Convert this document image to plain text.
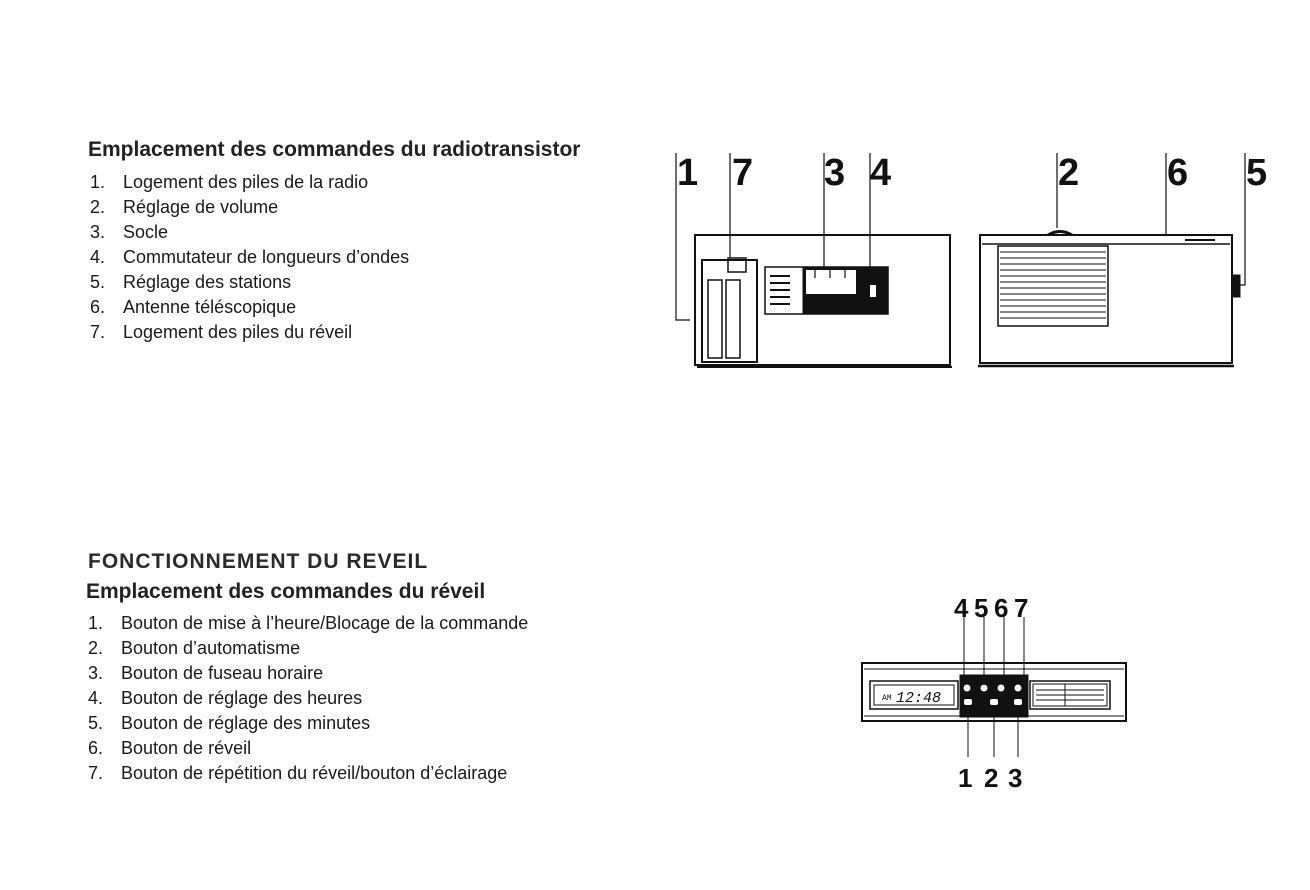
Emplacement des commandes du radiotransistor
1. Logement des piles de la radio
2. Réglage de volume
3. Socle
4. Commutateur de longueurs d’ondes
5. Réglage des stations
6. Antenne téléscopique
7. Logement des piles du réveil
1 7 3 4	2 6 5
FONCTIONNEMENT DU REVEIL
Emplacement des commandes du réveil
1. Bouton de mise à l’heure/Blocage de la commande
2. Bouton d’automatisme
3. Bouton de fuseau horaire
4. Bouton de réglage des heures
5. Bouton de réglage des minutes
6. Bouton de réveil
7. Bouton de répétition du réveil/bouton d’éclairage
AM 12:48
4 5 6 7
1 2 3
